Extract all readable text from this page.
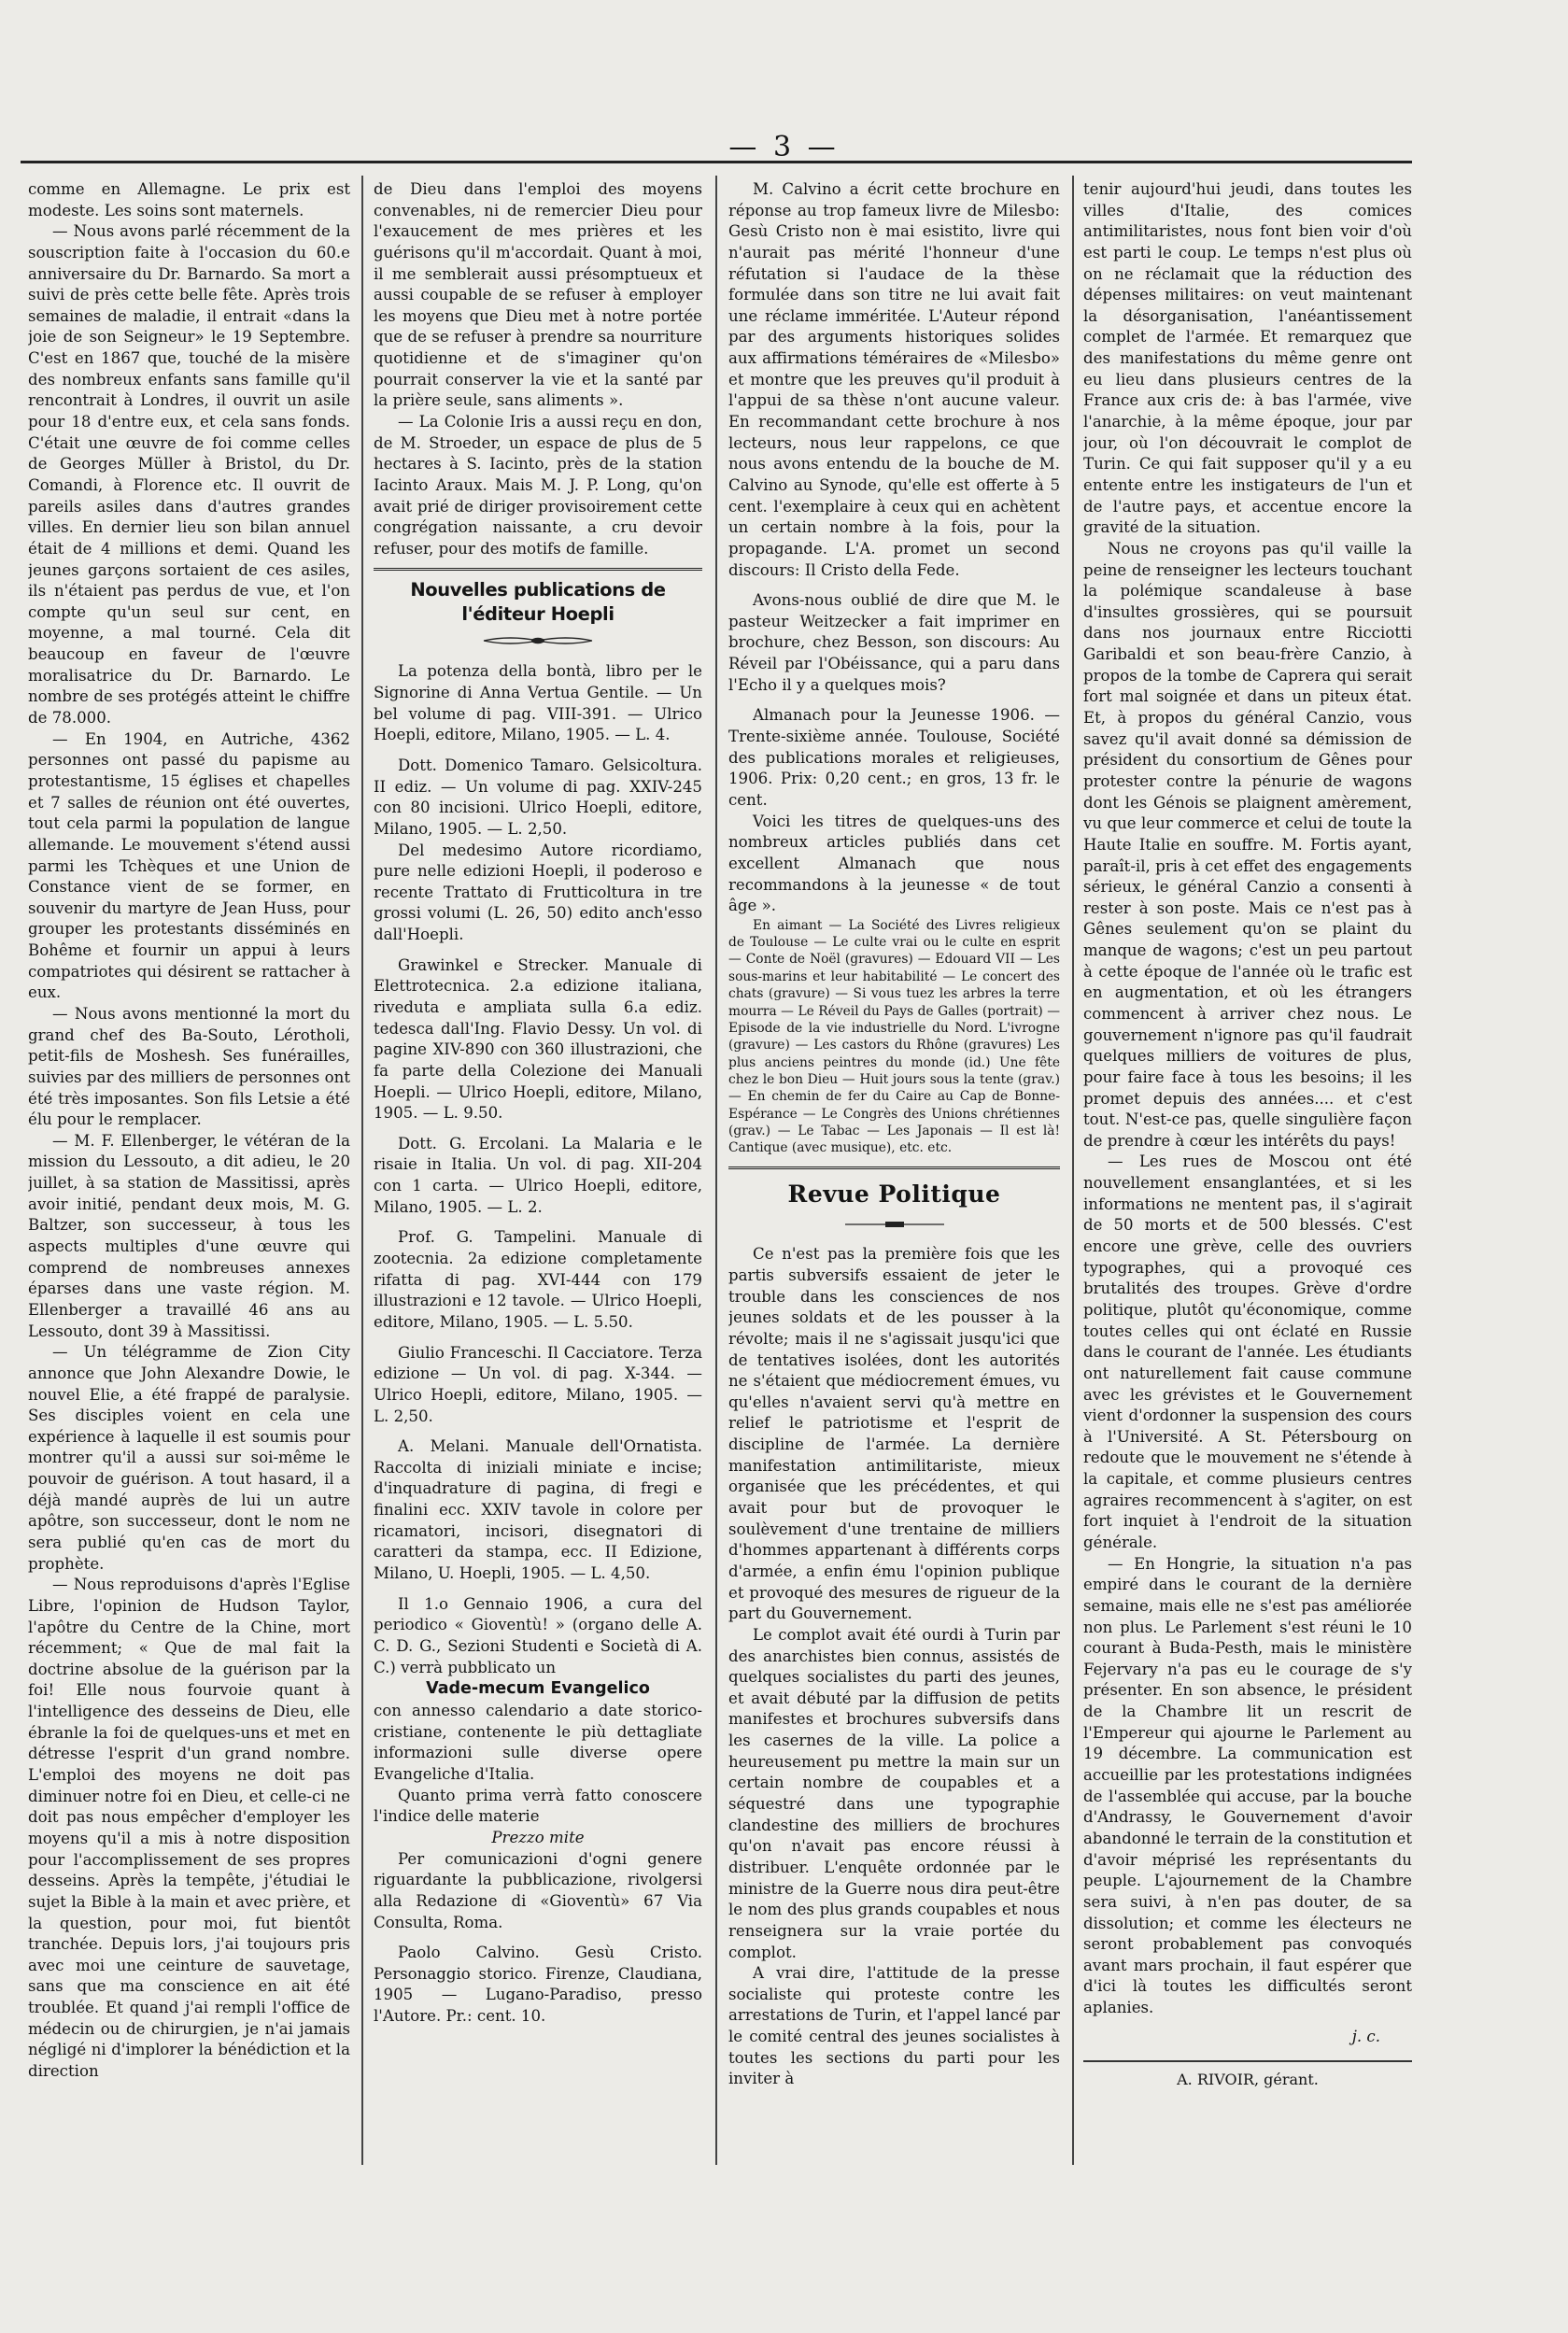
— 3 —

comme en Allemagne. Le prix est modeste. Les soins sont maternels.

— Nous avons parlé récemment de la souscription faite à l'occasion du 60.e anniversaire du Dr. Barnardo. Sa mort a suivi de près cette belle fête. Après trois semaines de maladie, il entrait «dans la joie de son Seigneur» le 19 Septembre. C'est en 1867 que, touché de la misère des nombreux enfants sans famille qu'il rencontrait à Londres, il ouvrit un asile pour 18 d'entre eux, et cela sans fonds. C'était une œuvre de foi comme celles de Georges Müller à Bristol, du Dr. Comandi, à Florence etc. Il ouvrit de pareils asiles dans d'autres grandes villes. En dernier lieu son bilan annuel était de 4 millions et demi. Quand les jeunes garçons sortaient de ces asiles, ils n'étaient pas perdus de vue, et l'on compte qu'un seul sur cent, en moyenne, a mal tourné. Cela dit beaucoup en faveur de l'œuvre moralisatrice du Dr. Barnardo. Le nombre de ses protégés atteint le chiffre de 78.000.

— En 1904, en Autriche, 4362 personnes ont passé du papisme au protestantisme, 15 églises et chapelles et 7 salles de réunion ont été ouvertes, tout cela parmi la population de langue allemande. Le mouvement s'étend aussi parmi les Tchèques et une Union de Constance vient de se former, en souvenir du martyre de Jean Huss, pour grouper les protestants disséminés en Bohême et fournir un appui à leurs compatriotes qui désirent se rattacher à eux.

— Nous avons mentionné la mort du grand chef des Ba-Souto, Lérotholi, petit-fils de Moshesh. Ses funérailles, suivies par des milliers de personnes ont été très imposantes. Son fils Letsie a été élu pour le remplacer.

— M. F. Ellenberger, le vétéran de la mission du Lessouto, a dit adieu, le 20 juillet, à sa station de Massitissi, après avoir initié, pendant deux mois, M. G. Baltzer, son successeur, à tous les aspects multiples d'une œuvre qui comprend de nombreuses annexes éparses dans une vaste région. M. Ellenberger a travaillé 46 ans au Lessouto, dont 39 à Massitissi.

— Un télégramme de Zion City annonce que John Alexandre Dowie, le nouvel Elie, a été frappé de paralysie. Ses disciples voient en cela une expérience à laquelle il est soumis pour montrer qu'il a aussi sur soi-même le pouvoir de guérison. A tout hasard, il a déjà mandé auprès de lui un autre apôtre, son successeur, dont le nom ne sera publié qu'en cas de mort du prophète.

— Nous reproduisons d'après l'Eglise Libre, l'opinion de Hudson Taylor, l'apôtre du Centre de la Chine, mort récemment; « Que de mal fait la doctrine absolue de la guérison par la foi! Elle nous fourvoie quant à l'intelligence des desseins de Dieu, elle ébranle la foi de quelques-uns et met en détresse l'esprit d'un grand nombre. L'emploi des moyens ne doit pas diminuer notre foi en Dieu, et celle-ci ne doit pas nous empêcher d'employer les moyens qu'il a mis à notre disposition pour l'accomplissement de ses propres desseins. Après la tempête, j'étudiai le sujet la Bible à la main et avec prière, et la question, pour moi, fut bientôt tranchée. Depuis lors, j'ai toujours pris avec moi une ceinture de sauvetage, sans que ma conscience en ait été troublée. Et quand j'ai rempli l'office de médecin ou de chirurgien, je n'ai jamais négligé ni d'implorer la bénédiction et la direction

de Dieu dans l'emploi des moyens convenables, ni de remercier Dieu pour l'exaucement de mes prières et les guérisons qu'il m'accordait. Quant à moi, il me semblerait aussi présomptueux et aussi coupable de se refuser à employer les moyens que Dieu met à notre portée que de se refuser à prendre sa nourriture quotidienne et de s'imaginer qu'on pourrait conserver la vie et la santé par la prière seule, sans aliments ».

— La Colonie Iris a aussi reçu en don, de M. Stroeder, un espace de plus de 5 hectares à S. Iacinto, près de la station Iacinto Araux. Mais M. J. P. Long, qu'on avait prié de diriger provisoirement cette congrégation naissante, a cru devoir refuser, pour des motifs de famille.

Nouvelles publications de l'éditeur Hoepli

La potenza della bontà, libro per le Signorine di Anna Vertua Gentile. — Un bel volume di pag. VIII-391. — Ulrico Hoepli, editore, Milano, 1905. — L. 4.

Dott. Domenico Tamaro. Gelsicoltura. II ediz. — Un volume di pag. XXIV-245 con 80 incisioni. Ulrico Hoepli, editore, Milano, 1905. — L. 2,50.

Del medesimo Autore ricordiamo, pure nelle edizioni Hoepli, il poderoso e recente Trattato di Frutticoltura in tre grossi volumi (L. 26, 50) edito anch'esso dall'Hoepli.

Grawinkel e Strecker. Manuale di Elettrotecnica. 2.a edizione italiana, riveduta e ampliata sulla 6.a ediz. tedesca dall'Ing. Flavio Dessy. Un vol. di pagine XIV-890 con 360 illustrazioni, che fa parte della Colezione dei Manuali Hoepli. — Ulrico Hoepli, editore, Milano, 1905. — L. 9.50.

Dott. G. Ercolani. La Malaria e le risaie in Italia. Un vol. di pag. XII-204 con 1 carta. — Ulrico Hoepli, editore, Milano, 1905. — L. 2.

Prof. G. Tampelini. Manuale di zootecnia. 2a edizione completamente rifatta di pag. XVI-444 con 179 illustrazioni e 12 tavole. — Ulrico Hoepli, editore, Milano, 1905. — L. 5.50.

Giulio Franceschi. Il Cacciatore. Terza edizione — Un vol. di pag. X-344. — Ulrico Hoepli, editore, Milano, 1905. — L. 2,50.

A. Melani. Manuale dell'Ornatista. Raccolta di iniziali miniate e incise; d'inquadrature di pagina, di fregi e finalini ecc. XXIV tavole in colore per ricamatori, incisori, disegnatori di caratteri da stampa, ecc. II Edizione, Milano, U. Hoepli, 1905. — L. 4,50.

Il 1.o Gennaio 1906, a cura del periodico « Gioventù! » (organo delle A. C. D. G., Sezioni Studenti e Società di A. C.) verrà pubblicato un

Vade-mecum Evangelico

con annesso calendario a date storico-cristiane, contenente le più dettagliate informazioni sulle diverse opere Evangeliche d'Italia.

Quanto prima verrà fatto conoscere l'indice delle materie

Prezzo mite

Per comunicazioni d'ogni genere riguardante la pubblicazione, rivolgersi alla Redazione di «Gioventù» 67 Via Consulta, Roma.

Paolo Calvino. Gesù Cristo. Personaggio storico. Firenze, Claudiana, 1905 — Lugano-Paradiso, presso l'Autore. Pr.: cent. 10.

M. Calvino a écrit cette brochure en réponse au trop fameux livre de Milesbo: Gesù Cristo non è mai esistito, livre qui n'aurait pas mérité l'honneur d'une réfutation si l'audace de la thèse formulée dans son titre ne lui avait fait une réclame imméritée. L'Auteur répond par des arguments historiques solides aux affirmations téméraires de «Milesbo» et montre que les preuves qu'il produit à l'appui de sa thèse n'ont aucune valeur. En recommandant cette brochure à nos lecteurs, nous leur rappelons, ce que nous avons entendu de la bouche de M. Calvino au Synode, qu'elle est offerte à 5 cent. l'exemplaire à ceux qui en achètent un certain nombre à la fois, pour la propagande. L'A. promet un second discours: Il Cristo della Fede.

Avons-nous oublié de dire que M. le pasteur Weitzecker a fait imprimer en brochure, chez Besson, son discours: Au Réveil par l'Obéissance, qui a paru dans l'Echo il y a quelques mois?

Almanach pour la Jeunesse 1906. — Trente-sixième année. Toulouse, Société des publications morales et religieuses, 1906. Prix: 0,20 cent.; en gros, 13 fr. le cent.

Voici les titres de quelques-uns des nombreux articles publiés dans cet excellent Almanach que nous recommandons à la jeunesse « de tout âge ».

En aimant — La Société des Livres religieux de Toulouse — Le culte vrai ou le culte en esprit — Conte de Noël (gravures) — Edouard VII — Les sous-marins et leur habitabilité — Le concert des chats (gravure) — Si vous tuez les arbres la terre mourra — Le Réveil du Pays de Galles (portrait) — Episode de la vie industrielle du Nord. L'ivrogne (gravure) — Les castors du Rhône (gravures) Les plus anciens peintres du monde (id.) Une fête chez le bon Dieu — Huit jours sous la tente (grav.) — En chemin de fer du Caire au Cap de Bonne-Espérance — Le Congrès des Unions chrétiennes (grav.) — Le Tabac — Les Japonais — Il est là! Cantique (avec musique), etc. etc.

Revue Politique

Ce n'est pas la première fois que les partis subversifs essaient de jeter le trouble dans les consciences de nos jeunes soldats et de les pousser à la révolte; mais il ne s'agissait jusqu'ici que de tentatives isolées, dont les autorités ne s'étaient que médiocrement émues, vu qu'elles n'avaient servi qu'à mettre en relief le patriotisme et l'esprit de discipline de l'armée. La dernière manifestation antimilitariste, mieux organisée que les précédentes, et qui avait pour but de provoquer le soulèvement d'une trentaine de milliers d'hommes appartenant à différents corps d'armée, a enfin ému l'opinion publique et provoqué des mesures de rigueur de la part du Gouvernement.

Le complot avait été ourdi à Turin par des anarchistes bien connus, assistés de quelques socialistes du parti des jeunes, et avait débuté par la diffusion de petits manifestes et brochures subversifs dans les casernes de la ville. La police a heureusement pu mettre la main sur un certain nombre de coupables et a séquestré dans une typographie clandestine des milliers de brochures qu'on n'avait pas encore réussi à distribuer. L'enquête ordonnée par le ministre de la Guerre nous dira peut-être le nom des plus grands coupables et nous renseignera sur la vraie portée du complot.

A vrai dire, l'attitude de la presse socialiste qui proteste contre les arrestations de Turin, et l'appel lancé par le comité central des jeunes socialistes à toutes les sections du parti pour les inviter à

tenir aujourd'hui jeudi, dans toutes les villes d'Italie, des comices antimilitaristes, nous font bien voir d'où est parti le coup. Le temps n'est plus où on ne réclamait que la réduction des dépenses militaires: on veut maintenant la désorganisation, l'anéantissement complet de l'armée. Et remarquez que des manifestations du même genre ont eu lieu dans plusieurs centres de la France aux cris de: à bas l'armée, vive l'anarchie, à la même époque, jour par jour, où l'on découvrait le complot de Turin. Ce qui fait supposer qu'il y a eu entente entre les instigateurs de l'un et de l'autre pays, et accentue encore la gravité de la situation.

Nous ne croyons pas qu'il vaille la peine de renseigner les lecteurs touchant la polémique scandaleuse à base d'insultes grossières, qui se poursuit dans nos journaux entre Ricciotti Garibaldi et son beau-frère Canzio, à propos de la tombe de Caprera qui serait fort mal soignée et dans un piteux état. Et, à propos du général Canzio, vous savez qu'il avait donné sa démission de président du consortium de Gênes pour protester contre la pénurie de wagons dont les Génois se plaignent amèrement, vu que leur commerce et celui de toute la Haute Italie en souffre. M. Fortis ayant, paraît-il, pris à cet effet des engagements sérieux, le général Canzio a consenti à rester à son poste. Mais ce n'est pas à Gênes seulement qu'on se plaint du manque de wagons; c'est un peu partout à cette époque de l'année où le trafic est en augmentation, et où les étrangers commencent à arriver chez nous. Le gouvernement n'ignore pas qu'il faudrait quelques milliers de voitures de plus, pour faire face à tous les besoins; il les promet depuis des années.... et c'est tout. N'est-ce pas, quelle singulière façon de prendre à cœur les intérêts du pays!

— Les rues de Moscou ont été nouvellement ensanglantées, et si les informations ne mentent pas, il s'agirait de 50 morts et de 500 blessés. C'est encore une grève, celle des ouvriers typographes, qui a provoqué ces brutalités des troupes. Grève d'ordre politique, plutôt qu'économique, comme toutes celles qui ont éclaté en Russie dans le courant de l'année. Les étudiants ont naturellement fait cause commune avec les grévistes et le Gouvernement vient d'ordonner la suspension des cours à l'Université. A St. Pétersbourg on redoute que le mouvement ne s'étende à la capitale, et comme plusieurs centres agraires recommencent à s'agiter, on est fort inquiet à l'endroit de la situation générale.

— En Hongrie, la situation n'a pas empiré dans le courant de la dernière semaine, mais elle ne s'est pas améliorée non plus. Le Parlement s'est réuni le 10 courant à Buda-Pesth, mais le ministère Fejervary n'a pas eu le courage de s'y présenter. En son absence, le président de la Chambre lit un rescrit de l'Empereur qui ajourne le Parlement au 19 décembre. La communication est accueillie par les protestations indignées de l'assemblée qui accuse, par la bouche d'Andrassy, le Gouvernement d'avoir abandonné le terrain de la constitution et d'avoir méprisé les représentants du peuple. L'ajournement de la Chambre sera suivi, à n'en pas douter, de sa dissolution; et comme les électeurs ne seront probablement pas convoqués avant mars prochain, il faut espérer que d'ici là toutes les difficultés seront aplanies.

j. c.
A. RIVOIR, gérant.
